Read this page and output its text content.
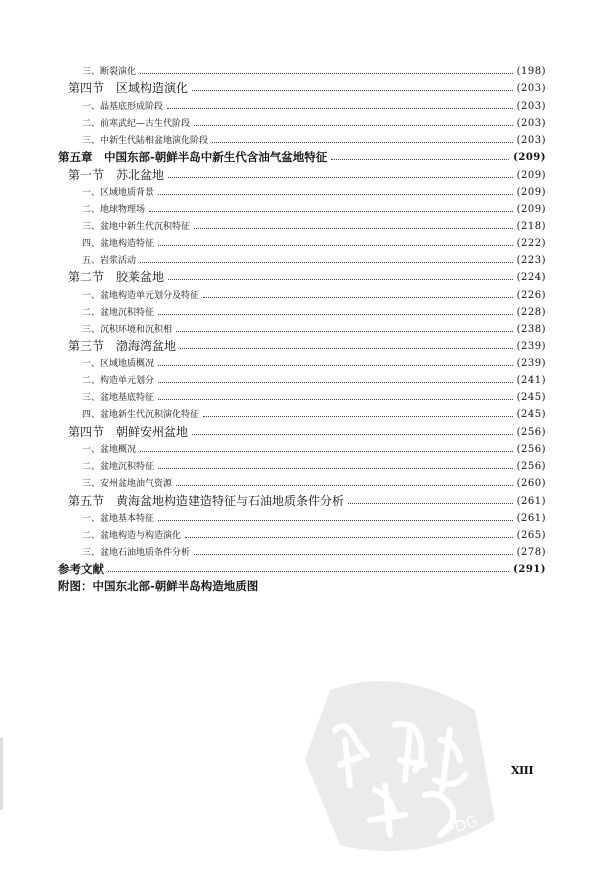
三、断裂演化	(198)
第四节　区域构造演化	(203)
一、晶基底形成阶段	(203)
二、前寒武纪—古生代阶段	(203)
三、中新生代陆相盆地演化阶段	(203)
第五章　中国东部-朝鲜半岛中新生代含油气盆地特征	(209)
第一节　苏北盆地	(209)
一、区域地质背景	(209)
二、地球物理场	(209)
三、盆地中新生代沉积特征	(218)
四、盆地构造特征	(222)
五、岩浆活动	(223)
第二节　胶莱盆地	(224)
一、盆地构造单元划分及特征	(226)
二、盆地沉积特征	(228)
三、沉积环境和沉积相	(238)
第三节　渤海湾盆地	(239)
一、区域地质概况	(239)
二、构造单元划分	(241)
三、盆地基底特征	(245)
四、盆地新生代沉积演化特征	(245)
第四节　朝鲜安州盆地	(256)
一、盆地概况	(256)
二、盆地沉积特征	(256)
三、安州盆地油气资源	(260)
第五节　黄海盆地构造建造特征与石油地质条件分析	(261)
一、盆地基本特征	(261)
二、盆地构造与构造演化	(265)
三、盆地石油地质条件分析	(278)
参考文献	(291)
附图：中国东北部-朝鲜半岛构造地质图
XIII
PDG
